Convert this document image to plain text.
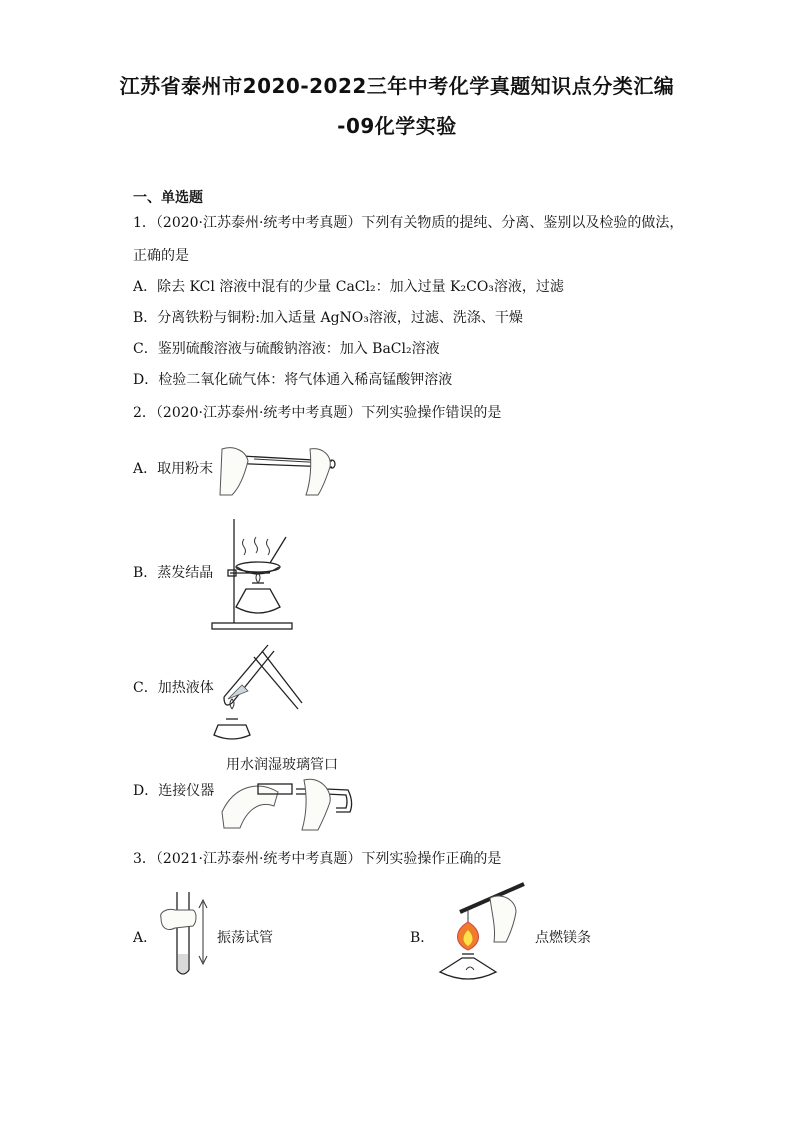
江苏省泰州市2020-2022三年中考化学真题知识点分类汇编
-09化学实验
一、单选题
1．（2020·江苏泰州·统考中考真题）下列有关物质的提纯、分离、鉴别以及检验的做法，
正确的是
A．除去 KCl 溶液中混有的少量 CaCl₂：加入过量 K₂CO₃溶液，过滤
B．分离铁粉与铜粉:加入适量 AgNO₃溶液，过滤、洗涤、干燥
C．鉴别硫酸溶液与硫酸钠溶液：加入 BaCl₂溶液
D．检验二氧化硫气体：将气体通入稀高锰酸钾溶液
2．（2020·江苏泰州·统考中考真题）下列实验操作错误的是
A．取用粉末
B．蒸发结晶
C．加热液体
用水润湿玻璃管口
D．连接仪器
3．（2021·江苏泰州·统考中考真题）下列实验操作正确的是
A．	振荡试管	B．	点燃镁条
